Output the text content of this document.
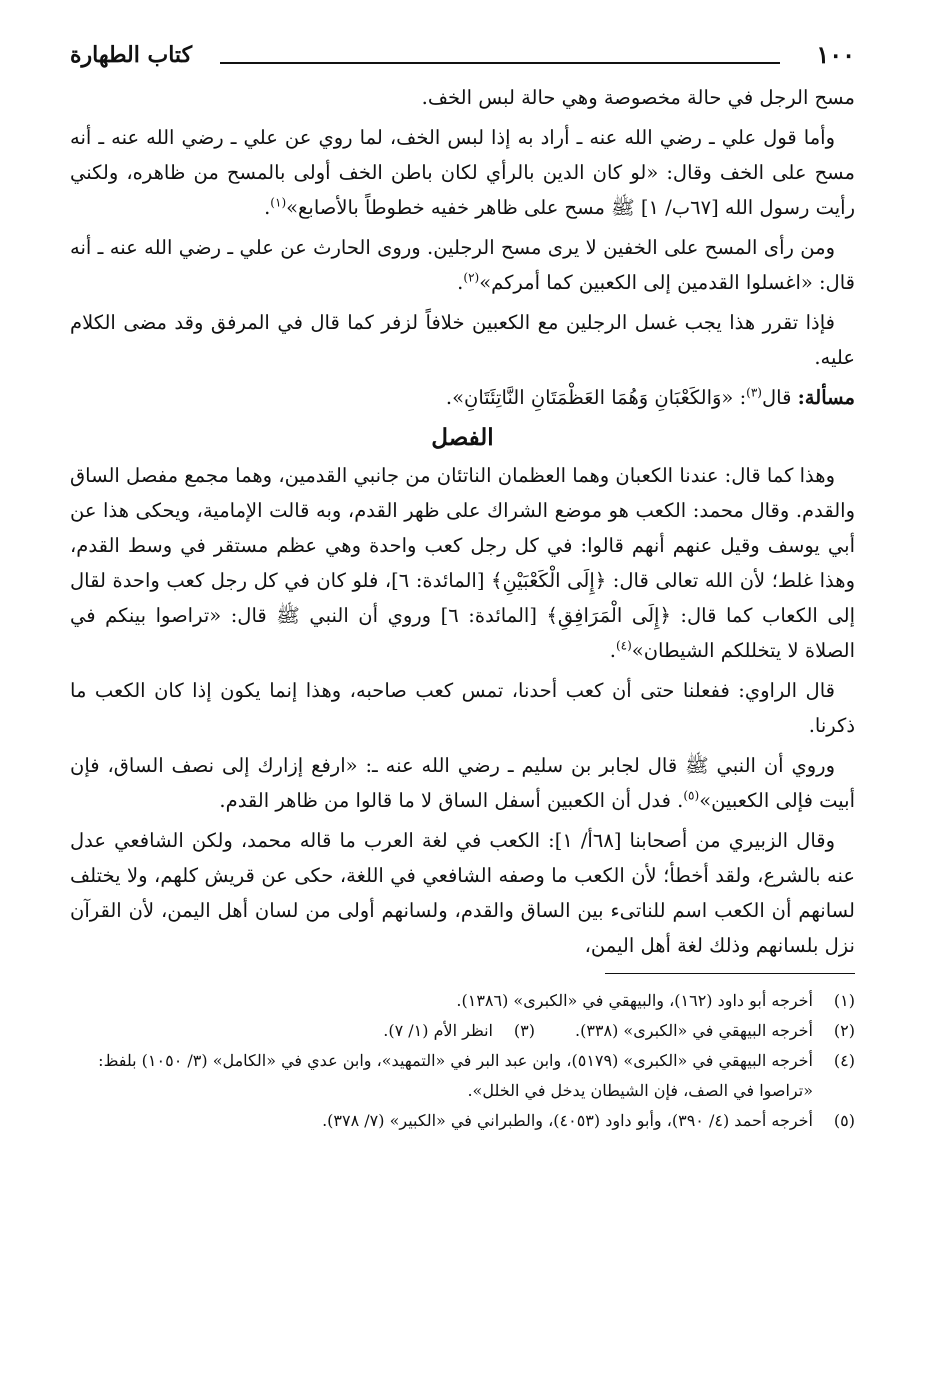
١٠٠
كتاب الطهارة

مسح الرجل في حالة مخصوصة وهي حالة لبس الخف.

وأما قول علي ـ رضي الله عنه ـ أراد به إذا لبس الخف، لما روي عن علي ـ رضي الله عنه ـ أنه مسح على الخف وقال: «لو كان الدين بالرأي لكان باطن الخف أولى بالمسح من ظاهره، ولكني رأيت رسول الله [٦٧ب/ ١] ﷺ مسح على ظاهر خفيه خطوطاً بالأصابع»$^{(١)}$.

ومن رأى المسح على الخفين لا يرى مسح الرجلين. وروى الحارث عن علي ـ رضي الله عنه ـ أنه قال: «اغسلوا القدمين إلى الكعبين كما أمركم»$^{(٢)}$.

فإذا تقرر هذا يجب غسل الرجلين مع الكعبين خلافاً لزفر كما قال في المرفق وقد مضى الكلام عليه.

مسألة: قال$^{(٣)}$: «وَالكَعْبَانِ وَهُمَا العَظْمَتَانِ النَّاتِئَتَانِ».

الفصل

وهذا كما قال: عندنا الكعبان وهما العظمان الناتئان من جانبي القدمين، وهما مجمع مفصل الساق والقدم. وقال محمد: الكعب هو موضع الشراك على ظهر القدم، وبه قالت الإمامية، ويحكى هذا عن أبي يوسف وقيل عنهم أنهم قالوا: في كل رجل كعب واحدة وهي عظم مستقر في وسط القدم، وهذا غلط؛ لأن الله تعالى قال: ﴿إِلَى الْكَعْبَيْنِ﴾ [المائدة: ٦]، فلو كان في كل رجل كعب واحدة لقال إلى الكعاب كما قال: ﴿إِلَى الْمَرَافِقِ﴾ [المائدة: ٦] وروي أن النبي ﷺ قال: «تراصوا بينكم في الصلاة لا يتخللكم الشيطان»$^{(٤)}$.

قال الراوي: ففعلنا حتى أن كعب أحدنا، تمس كعب صاحبه، وهذا إنما يكون إذا كان الكعب ما ذكرنا.

وروي أن النبي ﷺ قال لجابر بن سليم ـ رضي الله عنه ـ: «ارفع إزارك إلى نصف الساق، فإن أبيت فإلى الكعبين»$^{(٥)}$. فدل أن الكعبين أسفل الساق لا ما قالوا من ظاهر القدم.

وقال الزبيري من أصحابنا [٦٨أ/ ١]: الكعب في لغة العرب ما قاله محمد، ولكن الشافعي عدل عنه بالشرع، ولقد أخطأ؛ لأن الكعب ما وصفه الشافعي في اللغة، حكى عن قريش كلهم، ولا يختلف لسانهم أن الكعب اسم للناتىء بين الساق والقدم، ولسانهم أولى من لسان أهل اليمن، لأن القرآن نزل بلسانهم وذلك لغة أهل اليمن،

(١)
أخرجه أبو داود (١٦٢)، والبيهقي في «الكبرى» (١٣٨٦).
(٢)
أخرجه البيهقي في «الكبرى» (٣٣٨).
(٣)
انظر الأم (١/ ٧).
(٤)
أخرجه البيهقي في «الكبرى» (٥١٧٩)، وابن عبد البر في «التمهيد»، وابن عدي في «الكامل» (٣/ ١٠٥٠) بلفظ: «تراصوا في الصف، فإن الشيطان يدخل في الخلل».
(٥)
أخرجه أحمد (٤/ ٣٩٠)، وأبو داود (٤٠٥٣)، والطبراني في «الكبير» (٧/ ٣٧٨).
